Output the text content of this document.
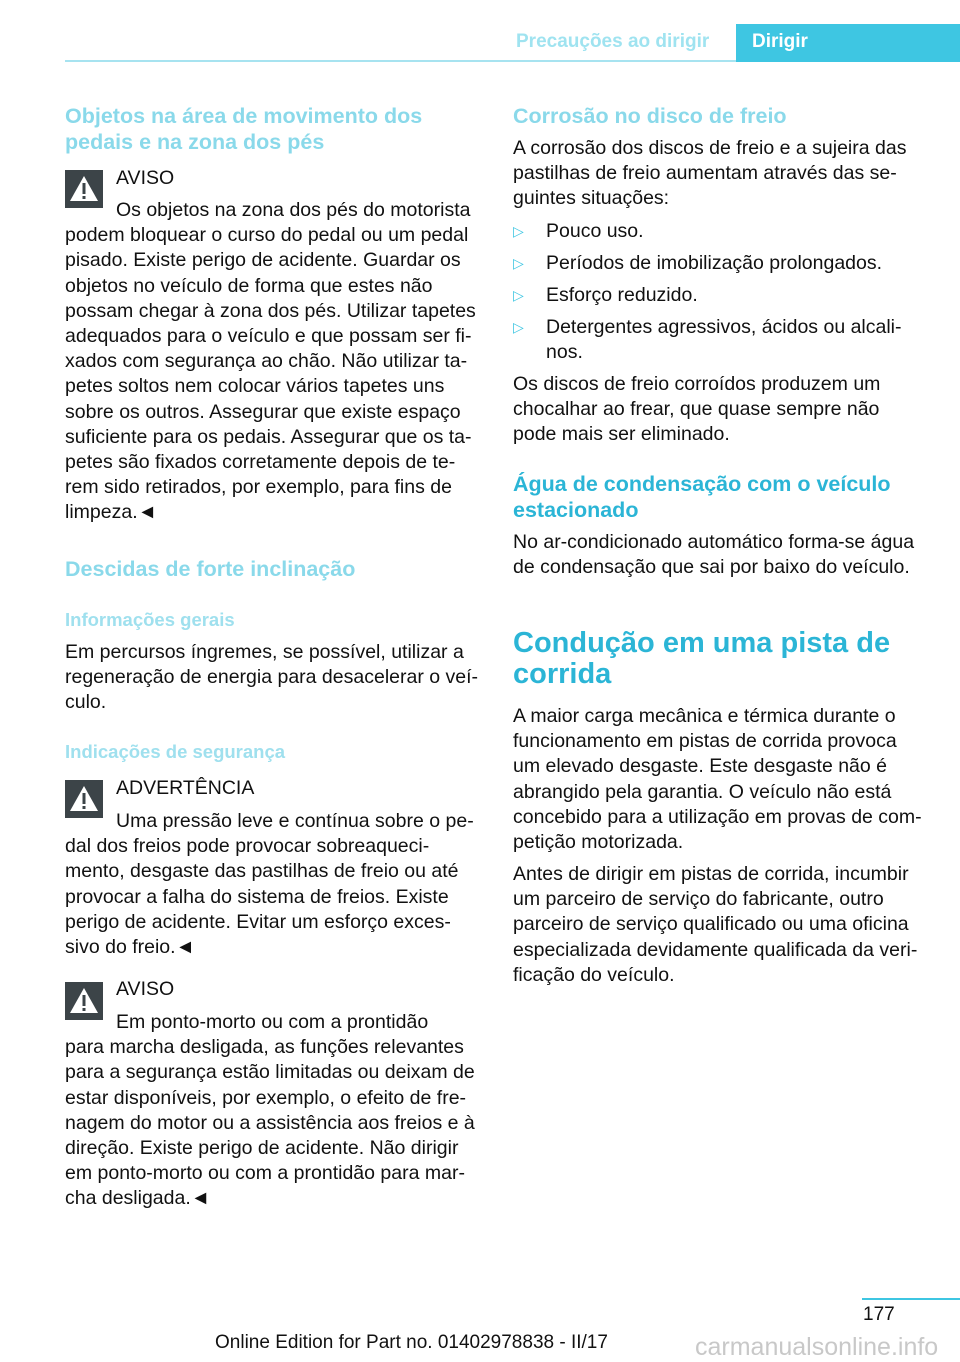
Precauções ao dirigir	Dirigir
Objetos na área de movimento dos
pedais e na zona dos pés
AVISO
Os objetos na zona dos pés do motorista
podem bloquear o curso do pedal ou um pedal
pisado. Existe perigo de acidente. Guardar os
objetos no veículo de forma que estes não
possam chegar à zona dos pés. Utilizar tapetes
adequados para o veículo e que possam ser fi-
xados com segurança ao chão. Não utilizar ta-
petes soltos nem colocar vários tapetes uns
sobre os outros. Assegurar que existe espaço
suficiente para os pedais. Assegurar que os ta-
petes são fixados corretamente depois de te-
rem sido retirados, por exemplo, para fins de
limpeza.◄
Descidas de forte inclinação
Informações gerais
Em percursos íngremes, se possível, utilizar a
regeneração de energia para desacelerar o veí-
culo.
Indicações de segurança
ADVERTÊNCIA
Uma pressão leve e contínua sobre o pe-
dal dos freios pode provocar sobreaqueci-
mento, desgaste das pastilhas de freio ou até
provocar a falha do sistema de freios. Existe
perigo de acidente. Evitar um esforço exces-
sivo do freio.◄
AVISO
Em ponto-morto ou com a prontidão
para marcha desligada, as funções relevantes
para a segurança estão limitadas ou deixam de
estar disponíveis, por exemplo, o efeito de fre-
nagem do motor ou a assistência aos freios e à
direção. Existe perigo de acidente. Não dirigir
em ponto-morto ou com a prontidão para mar-
cha desligada.◄
Corrosão no disco de freio
A corrosão dos discos de freio e a sujeira das
pastilhas de freio aumentam através das se-
guintes situações:
▷ Pouco uso.
▷ Períodos de imobilização prolongados.
▷ Esforço reduzido.
▷ Detergentes agressivos, ácidos ou alcali-
nos.
Os discos de freio corroídos produzem um
chocalhar ao frear, que quase sempre não
pode mais ser eliminado.
Água de condensação com o veículo
estacionado
No ar-condicionado automático forma-se água
de condensação que sai por baixo do veículo.
Condução em uma pista de
corrida
A maior carga mecânica e térmica durante o
funcionamento em pistas de corrida provoca
um elevado desgaste. Este desgaste não é
abrangido pela garantia. O veículo não está
concebido para a utilização em provas de com-
petição motorizada.
Antes de dirigir em pistas de corrida, incumbir
um parceiro de serviço do fabricante, outro
parceiro de serviço qualificado ou uma oficina
especializada devidamente qualificada da veri-
ficação do veículo.
177
Online Edition for Part no. 01402978838 - II/17	carmanualsonline.info
